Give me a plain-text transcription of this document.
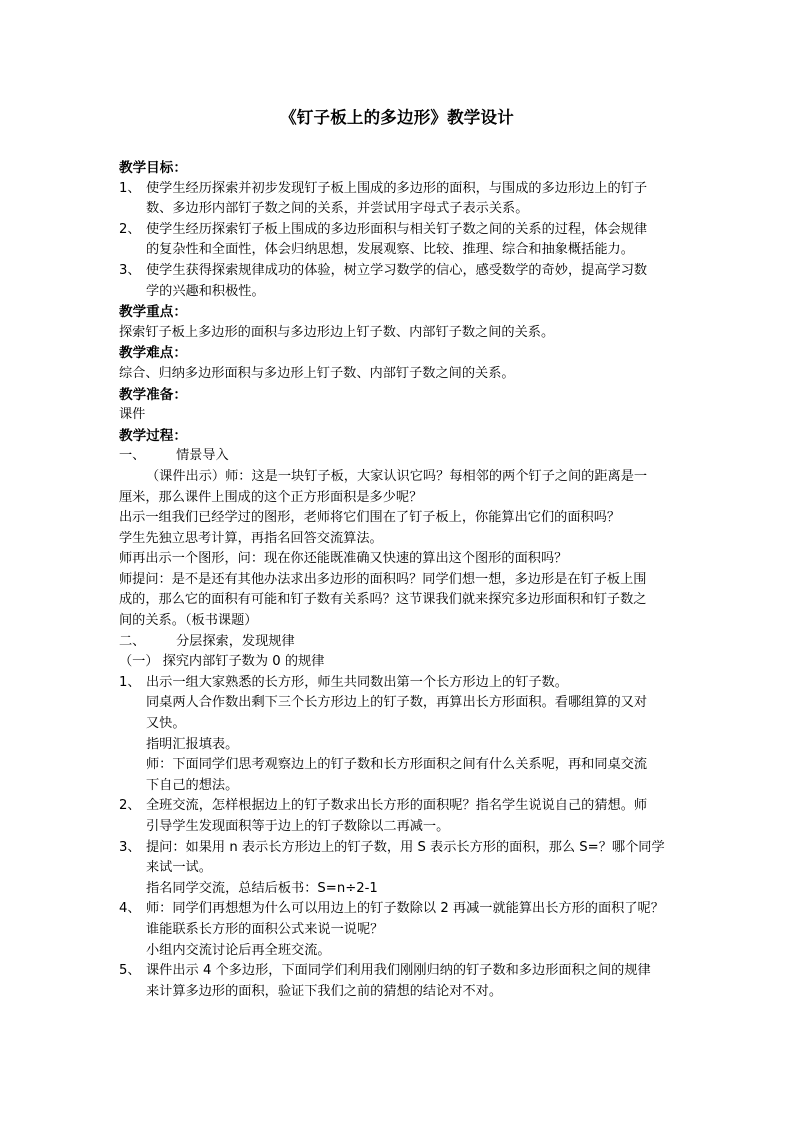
《钉子板上的多边形》教学设计

教学目标：

1、 使学生经历探索并初步发现钉子板上围成的多边形的面积，与围成的多边形边上的钉子

数、多边形内部钉子数之间的关系，并尝试用字母式子表示关系。

2、 使学生经历探索钉子板上围成的多边形面积与相关钉子数之间的关系的过程，体会规律

的复杂性和全面性，体会归纳思想，发展观察、比较、推理、综合和抽象概括能力。

3、 使学生获得探索规律成功的体验，树立学习数学的信心，感受数学的奇妙，提高学习数

学的兴趣和积极性。

教学重点：

探索钉子板上多边形的面积与多边形边上钉子数、内部钉子数之间的关系。

教学难点：

综合、归纳多边形面积与多边形上钉子数、内部钉子数之间的关系。

教学准备：

课件

教学过程：

一、	情景导入

（课件出示）师：这是一块钉子板，大家认识它吗？每相邻的两个钉子之间的距离是一

厘米，那么课件上围成的这个正方形面积是多少呢？

出示一组我们已经学过的图形，老师将它们围在了钉子板上，你能算出它们的面积吗？

学生先独立思考计算，再指名回答交流算法。

师再出示一个图形，问：现在你还能既准确又快速的算出这个图形的面积吗？

师提问：是不是还有其他办法求出多边形的面积吗？同学们想一想，多边形是在钉子板上围

成的，那么它的面积有可能和钉子数有关系吗？这节课我们就来探究多边形面积和钉子数之

间的关系。（板书课题）

二、	分层探索，发现规律
（一） 探究内部钉子数为 0 的规律
1、 出示一组大家熟悉的长方形，师生共同数出第一个长方形边上的钉子数。

同桌两人合作数出剩下三个长方形边上的钉子数，再算出长方形面积。看哪组算的又对

又快。

指明汇报填表。

师：下面同学们思考观察边上的钉子数和长方形面积之间有什么关系呢，再和同桌交流

下自己的想法。

2、 全班交流，怎样根据边上的钉子数求出长方形的面积呢？指名学生说说自己的猜想。师

引导学生发现面积等于边上的钉子数除以二再减一。

3、 提问：如果用 n 表示长方形边上的钉子数，用 S 表示长方形的面积，那么 S=？哪个同学

来试一试。

指名同学交流，总结后板书：S=n÷2-1

4、 师：同学们再想想为什么可以用边上的钉子数除以 2 再减一就能算出长方形的面积了呢？

谁能联系长方形的面积公式来说一说呢？

小组内交流讨论后再全班交流。

5、 课件出示 4 个多边形，下面同学们利用我们刚刚归纳的钉子数和多边形面积之间的规律

来计算多边形的面积，验证下我们之前的猜想的结论对不对。
